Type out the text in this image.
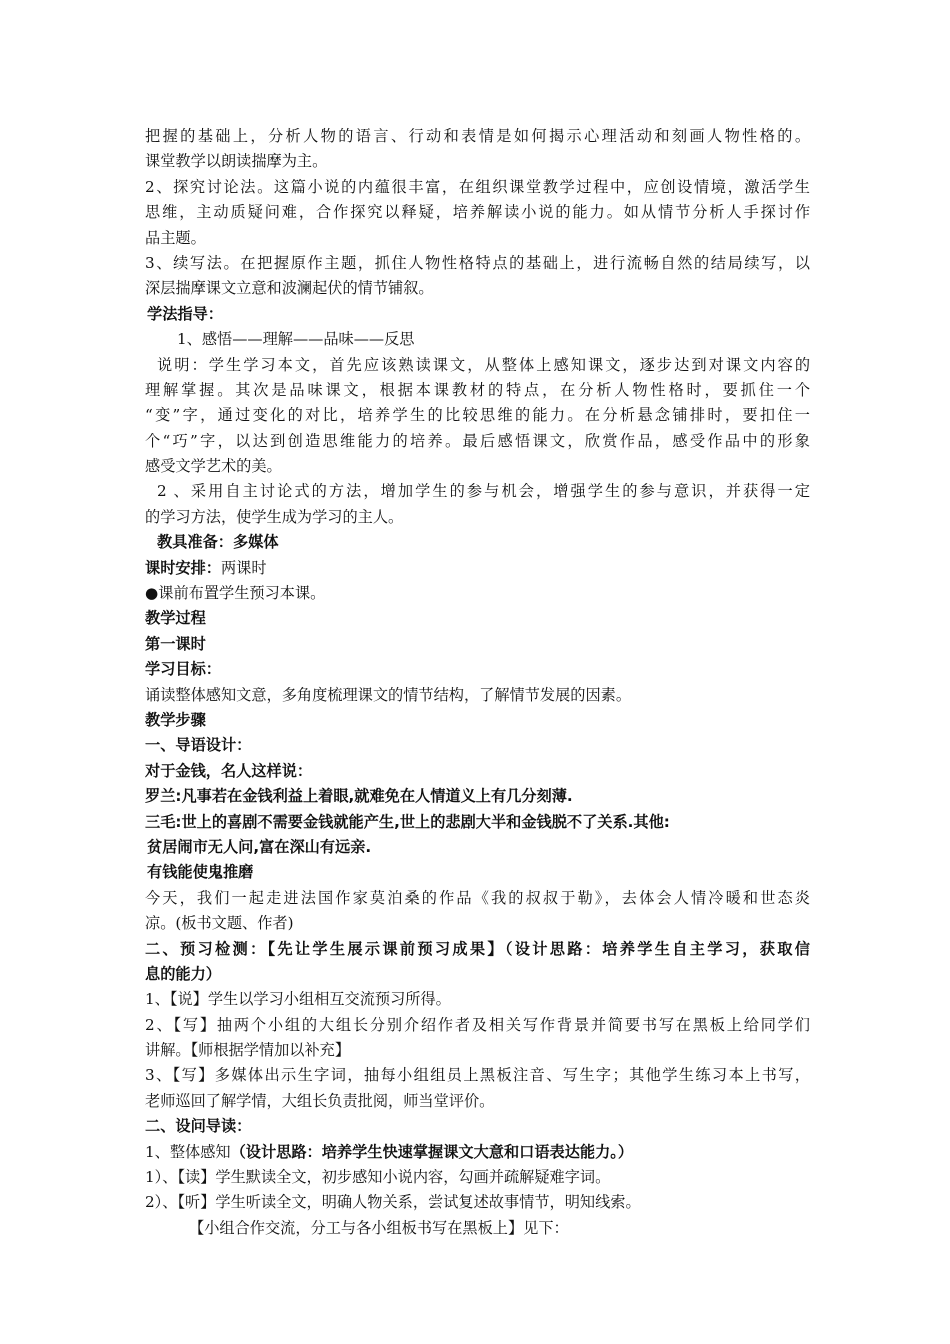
把握的基础上，分析人物的语言、行动和表情是如何揭示心理活动和刻画人物性格的。
课堂教学以朗读揣摩为主。
2、探究讨论法。这篇小说的内蕴很丰富，在组织课堂教学过程中，应创设情境，激活学生
思维，主动质疑问难，合作探究以释疑，培养解读小说的能力。如从情节分析人手探讨作
品主题。
3、续写法。在把握原作主题，抓住人物性格特点的基础上，进行流畅自然的结局续写，以
深层揣摩课文立意和波澜起伏的情节铺叙。
学法指导：
1、感悟——理解——品味——反思
说明：学生学习本文，首先应该熟读课文，从整体上感知课文，逐步达到对课文内容的
理解掌握。其次是品味课文，根据本课教材的特点，在分析人物性格时，要抓住一个
“变”字，通过变化的对比，培养学生的比较思维的能力。在分析悬念铺排时，要扣住一
个“巧”字，以达到创造思维能力的培养。最后感悟课文，欣赏作品，感受作品中的形象
感受文学艺术的美。
2 、采用自主讨论式的方法，增加学生的参与机会，增强学生的参与意识，并获得一定
的学习方法，使学生成为学习的主人。
教具准备：多媒体
课时安排：两课时
●课前布置学生预习本课。
教学过程
第一课时
学习目标：
诵读整体感知文意，多角度梳理课文的情节结构，了解情节发展的因素。
教学步骤
一、导语设计：
对于金钱，名人这样说：
罗兰:凡事若在金钱利益上着眼,就难免在人情道义上有几分刻薄.
三毛:世上的喜剧不需要金钱就能产生,世上的悲剧大半和金钱脱不了关系.其他:
贫居闹市无人问,富在深山有远亲.
有钱能使鬼推磨
今天，我们一起走进法国作家莫泊桑的作品《我的叔叔于勒》，去体会人情冷暖和世态炎
凉。(板书文题、作者)
二、预习检测：【先让学生展示课前预习成果】（设计思路：培养学生自主学习，获取信
息的能力）
1、【说】学生以学习小组相互交流预习所得。
2、【写】抽两个小组的大组长分别介绍作者及相关写作背景并简要书写在黑板上给同学们
讲解。【师根据学情加以补充】
3、【写】多媒体出示生字词，抽每小组组员上黑板注音、写生字；其他学生练习本上书写，
老师巡回了解学情，大组长负责批阅，师当堂评价。
二、设问导读：
1、整体感知（设计思路：培养学生快速掌握课文大意和口语表达能力。）
1）、【读】学生默读全文，初步感知小说内容，勾画并疏解疑难字词。
2）、【听】学生听读全文，明确人物关系，尝试复述故事情节，明知线索。
【小组合作交流，分工与各小组板书写在黑板上】见下：
